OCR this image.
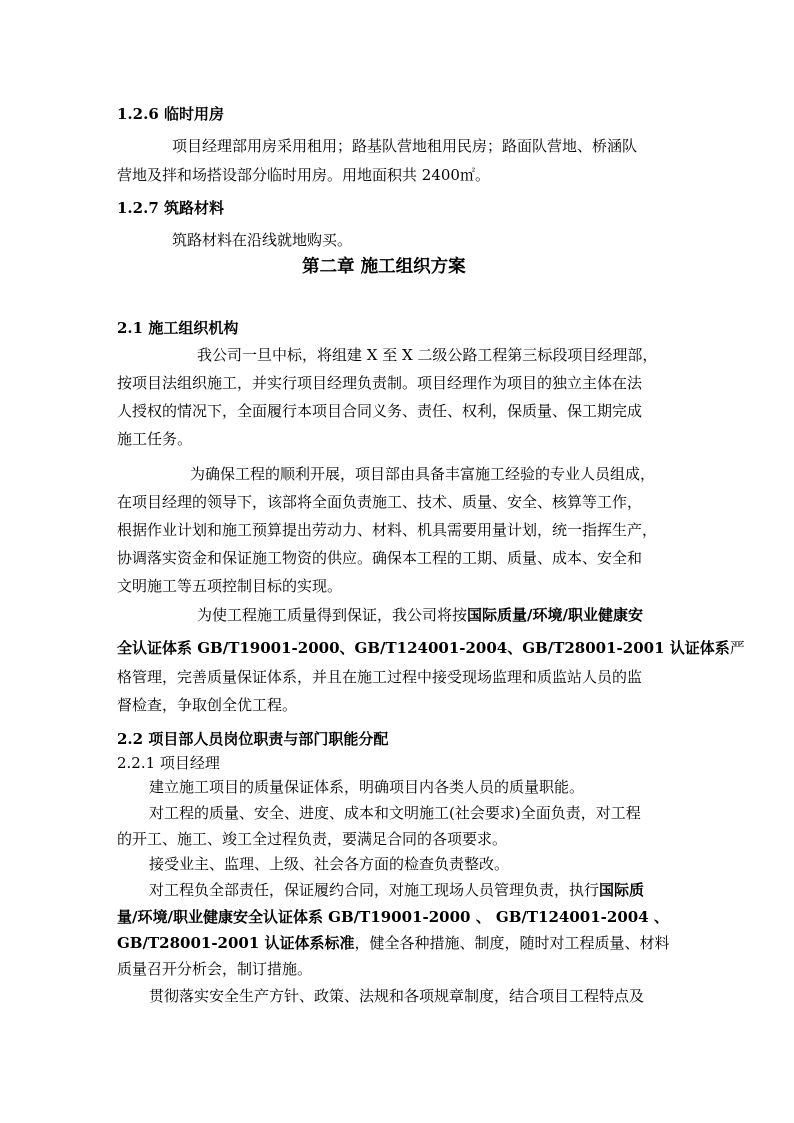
1.2.6 临时用房
项目经理部用房采用租用；路基队营地租用民房；路面队营地、桥涵队
营地及拌和场搭设部分临时用房。用地面积共 2400㎡。
1.2.7 筑路材料
筑路材料在沿线就地购买。
第二章 施工组织方案
2.1 施工组织机构
我公司一旦中标，将组建 X 至 X 二级公路工程第三标段项目经理部，
按项目法组织施工，并实行项目经理负责制。项目经理作为项目的独立主体在法
人授权的情况下，全面履行本项目合同义务、责任、权利，保质量、保工期完成
施工任务。
为确保工程的顺利开展，项目部由具备丰富施工经验的专业人员组成，
在项目经理的领导下，该部将全面负责施工、技术、质量、安全、核算等工作，
根据作业计划和施工预算提出劳动力、材料、机具需要用量计划，统一指挥生产，
协调落实资金和保证施工物资的供应。确保本工程的工期、质量、成本、安全和
文明施工等五项控制目标的实现。
为使工程施工质量得到保证，我公司将按国际质量/环境/职业健康安
全认证体系 GB/T19001-2000、GB/T124001-2004、GB/T28001-2001 认证体系严
格管理，完善质量保证体系，并且在施工过程中接受现场监理和质监站人员的监
督检查，争取创全优工程。
2.2 项目部人员岗位职责与部门职能分配
2.2.1 项目经理
建立施工项目的质量保证体系，明确项目内各类人员的质量职能。
对工程的质量、安全、进度、成本和文明施工(社会要求)全面负责，对工程
的开工、施工、竣工全过程负责，要满足合同的各项要求。
接受业主、监理、上级、社会各方面的检查负责整改。
对工程负全部责任，保证履约合同，对施工现场人员管理负责，执行国际质
量/环境/职业健康安全认证体系 GB/T19001-2000 、 GB/T124001-2004 、
GB/T28001-2001 认证体系标准，健全各种措施、制度，随时对工程质量、材料
质量召开分析会，制订措施。
贯彻落实安全生产方针、政策、法规和各项规章制度，结合项目工程特点及
